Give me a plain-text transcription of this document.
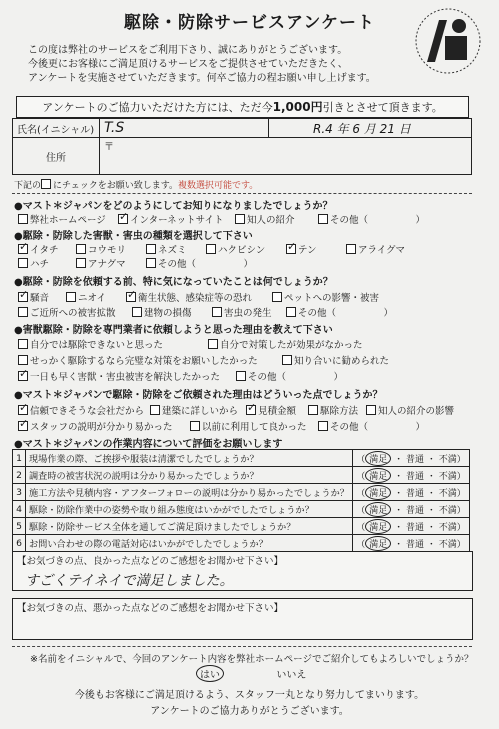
駆除・防除サービスアンケート
この度は弊社のサービスをご利用下さり、誠にありがとうございます。
今後更にお客様にご満足頂けるサービスをご提供させていただきたく、
アンケートを実施させていただきます。何卒ご協力の程お願い申し上げます。
アンケートのご協力いただけた方には、ただ今1,000円引きとさせて頂きます。
氏名(イニシャル)	T.S	R.4 年 6 月 21 日
住所	〒	
下記の にチェックをお願い致します。複数選択可能です。
●マスト＊ジャパンをどのようにしてお知りになりましたでしょうか？
弊社ホームページ ✓	インターネットサイト	知人の紹介	その他（　　　　　）
●駆除・防除した害獣・害虫の種類を選択して下さい
✓イタチ	コウモリ	ネズミ	ハクビシン ✓	テン	アライグマ
ハチ	アナグマ	その他（　　　　　）
●駆除・防除を依頼する前、特に気になっていたことは何でしょうか？
✓騒音	ニオイ ✓	衛生状態、感染症等の恐れ	ペットへの影響・被害
ご近所への被害拡散	建物の損傷	害虫の発生	その他（　　　　　）
●害獣駆除・防除を専門業者に依頼しようと思った理由を教えて下さい
自分では駆除できないと思った	自分で対策したが効果がなかった
せっかく駆除するなら完璧な対策をお願いしたかった	知り合いに勧められた
✓一日も早く害獣・害虫被害を解決したかった	その他（　　　　　）
●マスト＊ジャパンで駆除・防除をご依頼された理由はどういった点でしょうか？
✓信頼できそうな会社だから	建築に詳しいから ✓	見積金額	駆除方法	知人の紹介の影響
✓スタッフの説明が分かり易かった	以前に利用して良かった	その他（　　　　　）
●マスト＊ジャパンの作業内容について評価をお願いします
1	現場作業の際、ご挨拶や服装は清潔でしたでしょうか？	（ 満足 ・ 普通 ・ 不満）
2	調査時の被害状況の説明は分かり易かったでしょうか？	（ 満足 ・ 普通 ・ 不満）
3	施工方法や見積内容・アフターフォローの説明は分かり易かったでしょうか？	（ 満足 ・ 普通 ・ 不満）
4	駆除・防除作業中の姿勢や取り組み態度はいかがでしたでしょうか？	（ 満足 ・ 普通 ・ 不満）
5	駆除・防除サービス全体を通してご満足頂けましたでしょうか？	（ 満足 ・ 普通 ・ 不満）
6	お問い合わせの際の電話対応はいかがでしたでしょうか？	（ 満足 ・ 普通 ・ 不満）
【お気づきの点、良かった点などのご感想をお聞かせ下さい】
すごくテイネイで満足しました。
【お気づきの点、悪かった点などのご感想をお聞かせ下さい】
※名前をイニシャルで、今回のアンケート内容を弊社ホームページでご紹介してもよろしいでしょうか？
はい	いいえ
今後もお客様にご満足頂けるよう、スタッフ一丸となり努力してまいります。
アンケートのご協力ありがとうございます。
